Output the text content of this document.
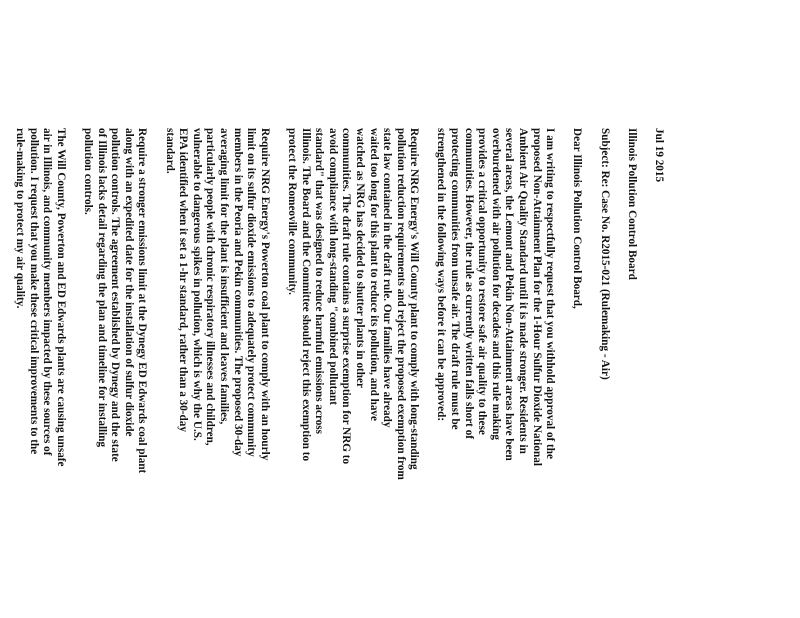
Jul 19 2015
Illinois Pollution Control Board
Subject: Re: Case No. R2015-021 (Rulemaking - Air)
Dear Illinois Pollution Control Board,
I am writing to respectfully request that you withhold approval of the
proposed Non-Attainment Plan for the 1-Hour Sulfur Dioxide National
Ambient Air Quality Standard until it is made stronger. Residents in
several areas, the Lemont and Pekin Non-Attainment areas have been
overburdened with air pollution for decades and this rule making
provides a critical opportunity to restore safe air quality to these
communities. However, the rule as currently written falls short of
protecting communities from unsafe air. The draft rule must be
strengthened in the following ways before it can be approved:
Require NRG Energy's Will County plant to comply with long-standing
pollution reduction requirements and reject the proposed exemption from
state law contained in the draft rule. Our families have already
waited too long for this plant to reduce its pollution, and have
watched as NRG has decided to shutter plants in other
communities. The draft rule contains a surprise exemption for NRG to
avoid compliance with long-standing "combined pollutant
standard" that was designed to reduce harmful emissions across
Illinois. The Board and the Committee should reject this exemption to
protect the Romeoville community.
Require NRG Energy's Powerton coal plant to comply with an hourly
limit on its sulfur dioxide emissions to adequately protect community
members in the Peoria and Pekin communities. The proposed 30-day
averaging limit for the plant is insufficient and leaves families,
particularly people with chronic respiratory illnesses and children,
vulnerable to dangerous spikes in pollution, which is why the U.S.
EPA identified when it set a 1-hr standard, rather than a 30-day
standard.
Require a stronger emissions limit at the Dynegy ED Edwards coal plant
along with an expedited date for the installation of sulfur dioxide
pollution controls. The agreement established by Dynegy and the state
of Illinois lacks detail regarding the plan and timeline for installing
pollution controls.
The Will County, Powerton and ED Edwards plants are causing unsafe
air in Illinois, and community members impacted by these sources of
pollution. I request that you make these critical improvements to the
rule-making to protect my air quality.
